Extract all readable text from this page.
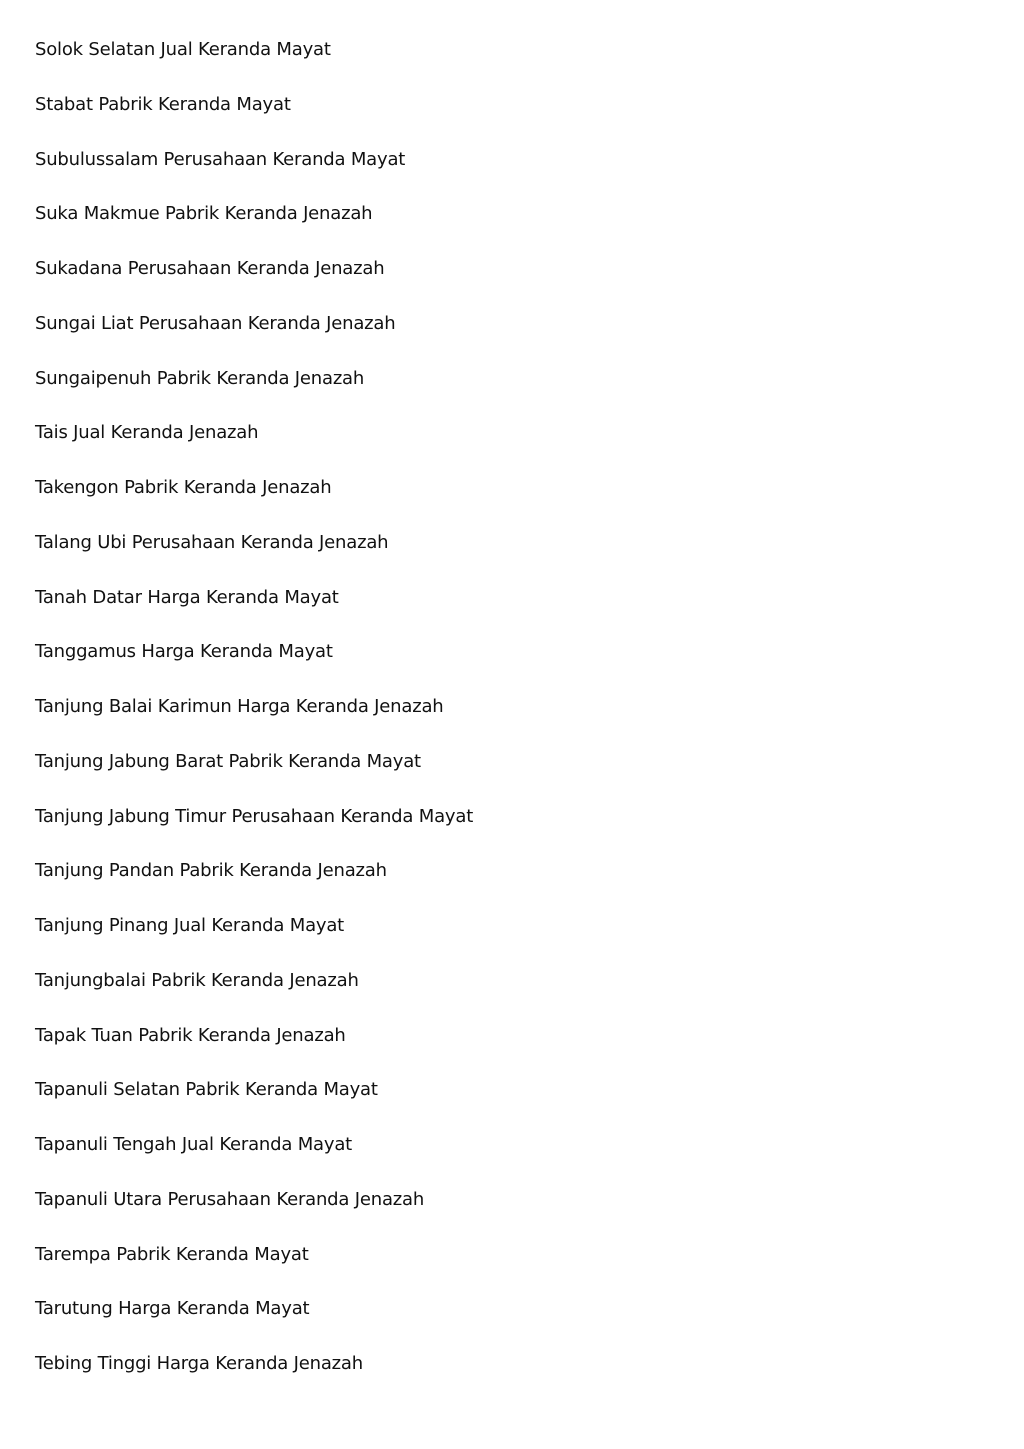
Solok Selatan Jual Keranda Mayat
Stabat Pabrik Keranda Mayat
Subulussalam Perusahaan Keranda Mayat
Suka Makmue Pabrik Keranda Jenazah
Sukadana Perusahaan Keranda Jenazah
Sungai Liat Perusahaan Keranda Jenazah
Sungaipenuh Pabrik Keranda Jenazah
Tais Jual Keranda Jenazah
Takengon Pabrik Keranda Jenazah
Talang Ubi Perusahaan Keranda Jenazah
Tanah Datar Harga Keranda Mayat
Tanggamus Harga Keranda Mayat
Tanjung Balai Karimun Harga Keranda Jenazah
Tanjung Jabung Barat Pabrik Keranda Mayat
Tanjung Jabung Timur Perusahaan Keranda Mayat
Tanjung Pandan Pabrik Keranda Jenazah
Tanjung Pinang Jual Keranda Mayat
Tanjungbalai Pabrik Keranda Jenazah
Tapak Tuan Pabrik Keranda Jenazah
Tapanuli Selatan Pabrik Keranda Mayat
Tapanuli Tengah Jual Keranda Mayat
Tapanuli Utara Perusahaan Keranda Jenazah
Tarempa Pabrik Keranda Mayat
Tarutung Harga Keranda Mayat
Tebing Tinggi Harga Keranda Jenazah
